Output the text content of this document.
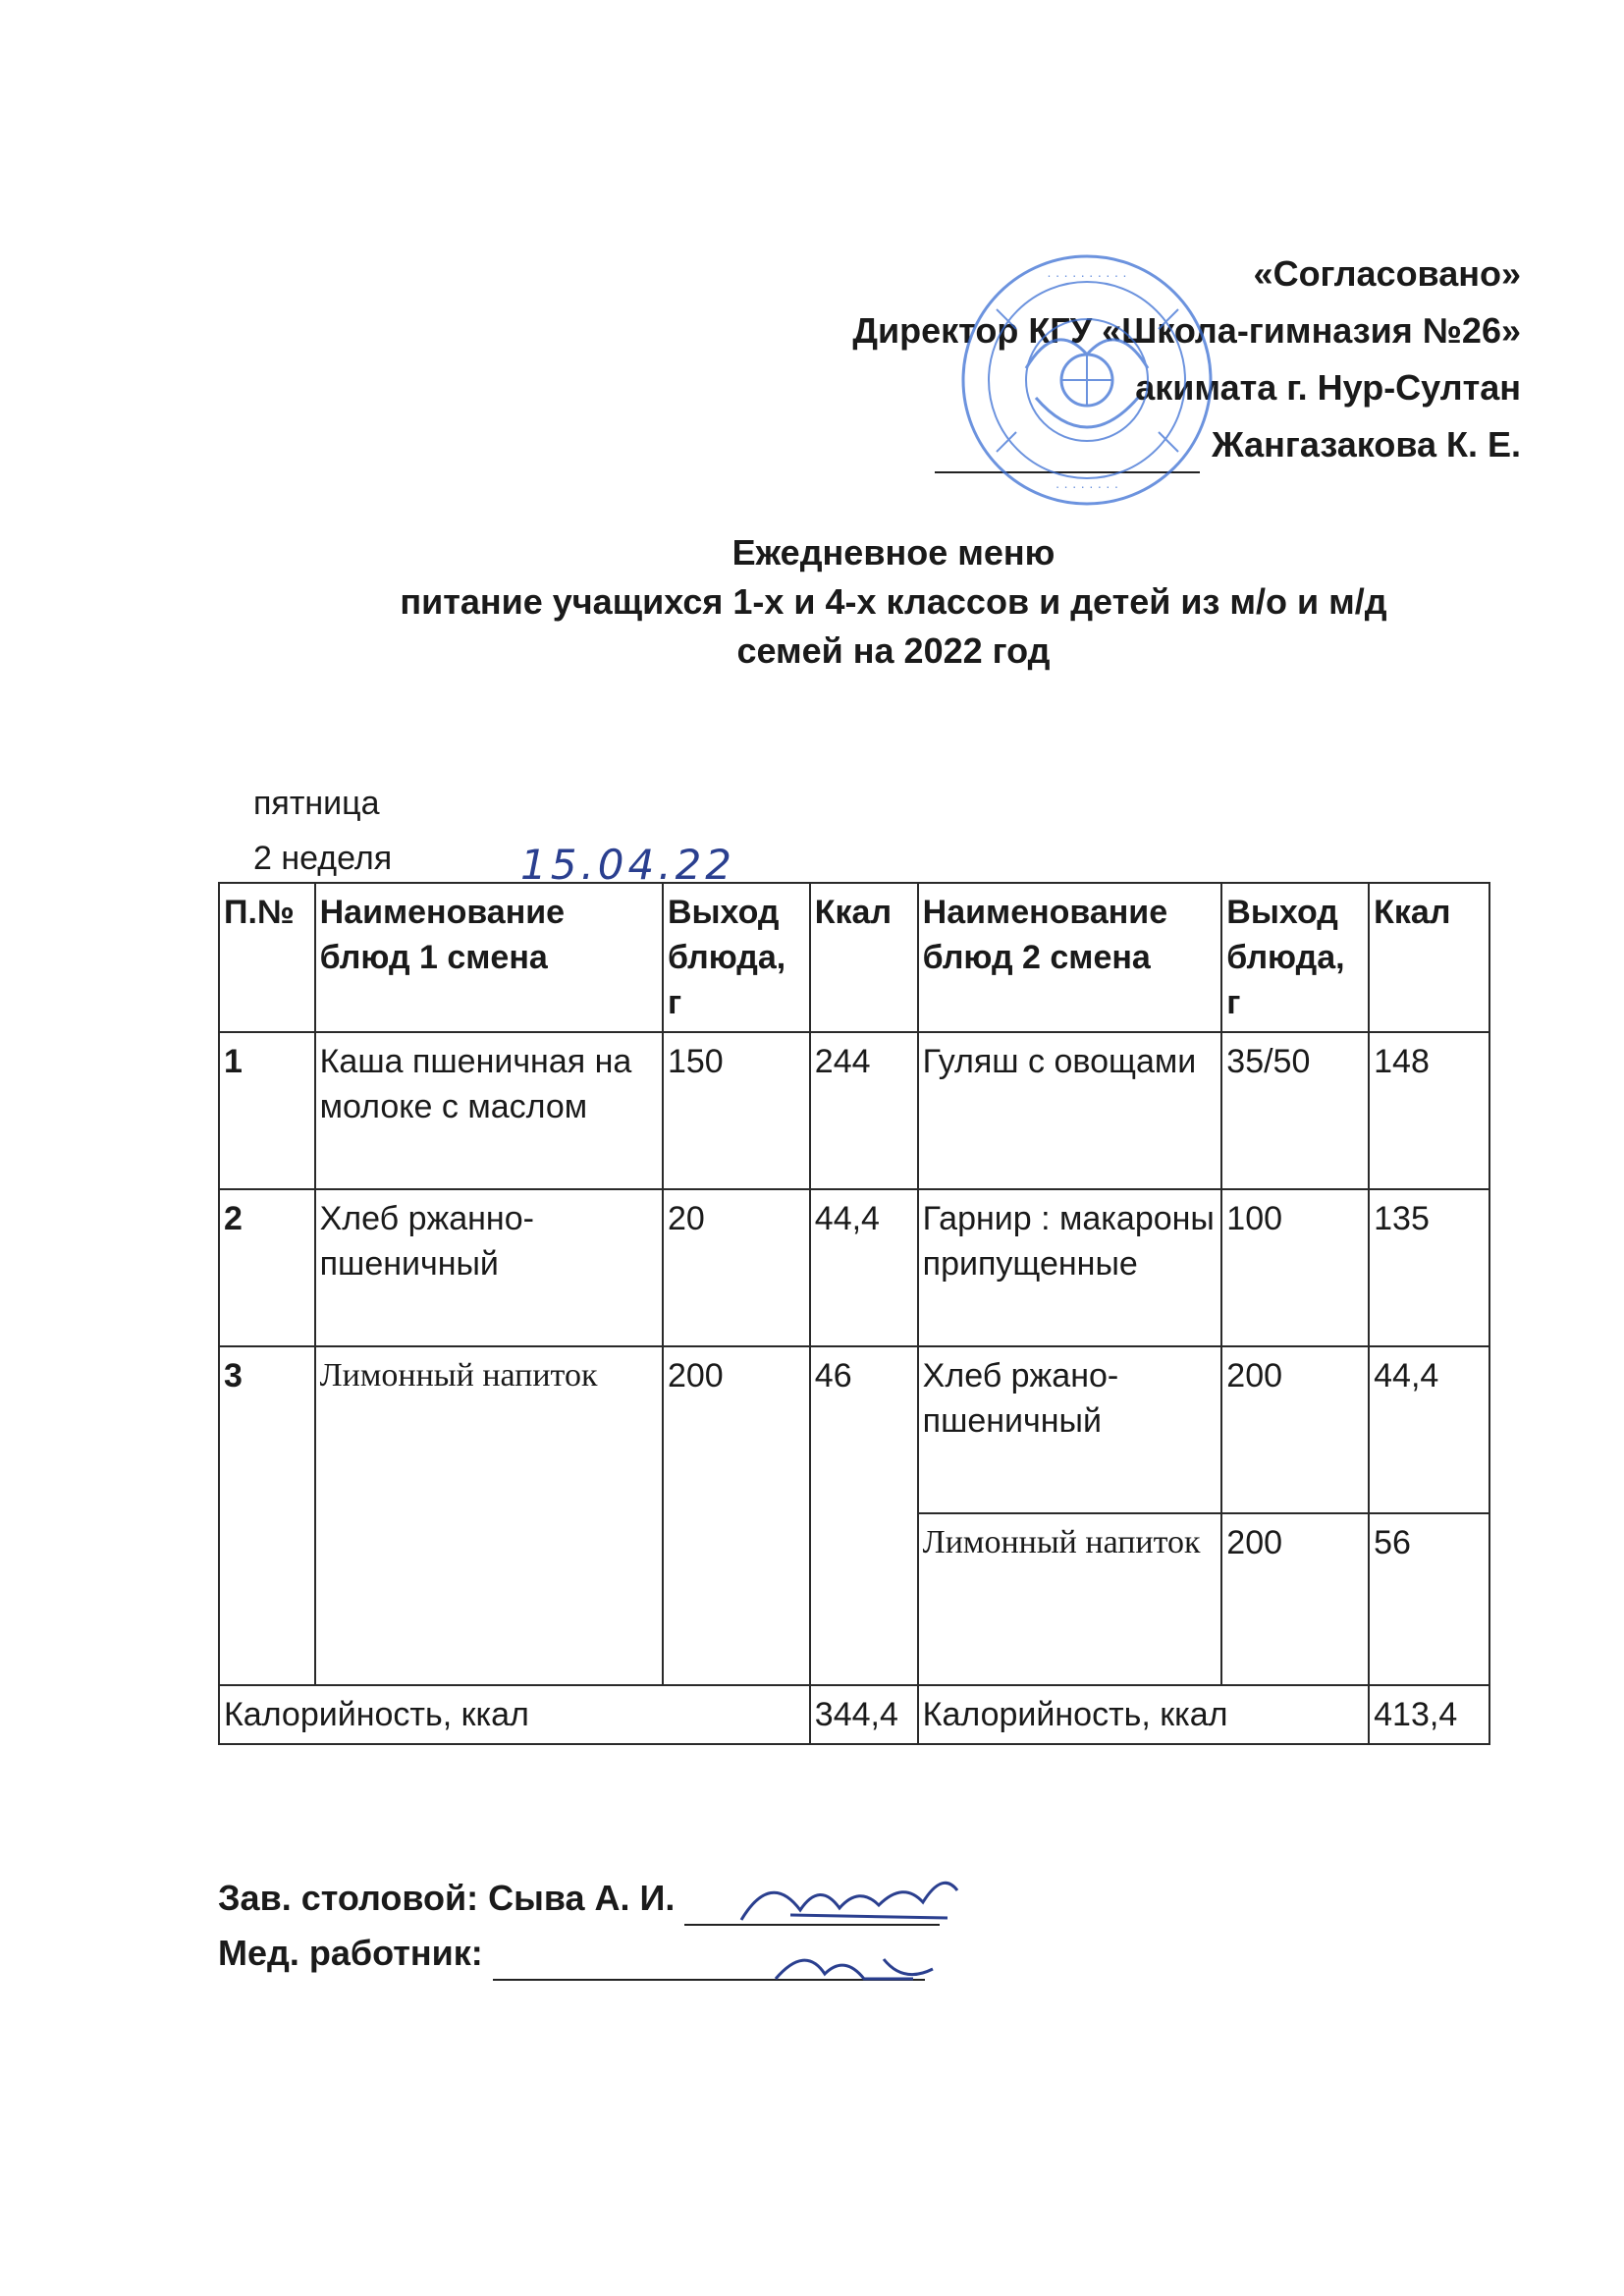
«Согласовано»
Директор КГУ «Школа-гимназия №26»
акимата г. Нур-Султан
Жангазакова К. Е.
· · · · · · · · · ·
· · · · · · · ·
Ежедневное меню
питание учащихся 1-х и 4-х классов и детей из м/о и м/д
семей на 2022 год
пятница
2 неделя	15.04.22
П.№	Наименование блюд 1 смена	Выход блюда, г	Ккал	Наименование блюд 2 смена	Выход блюда, г	Ккал
1	Каша пшеничная на молоке с маслом	150	244	Гуляш с овощами	35/50	148
2	Хлеб ржанно-пшеничный	20	44,4	Гарнир : макароны припущенные	100	135
3	Лимонный напиток	200	46	Хлеб ржано-пшеничный	200	44,4
				Лимонный напиток	200	56
Калорийность, ккал			344,4	Калорийность, ккал		413,4
Зав. столовой: Сыва А. И.
Мед. работник:
